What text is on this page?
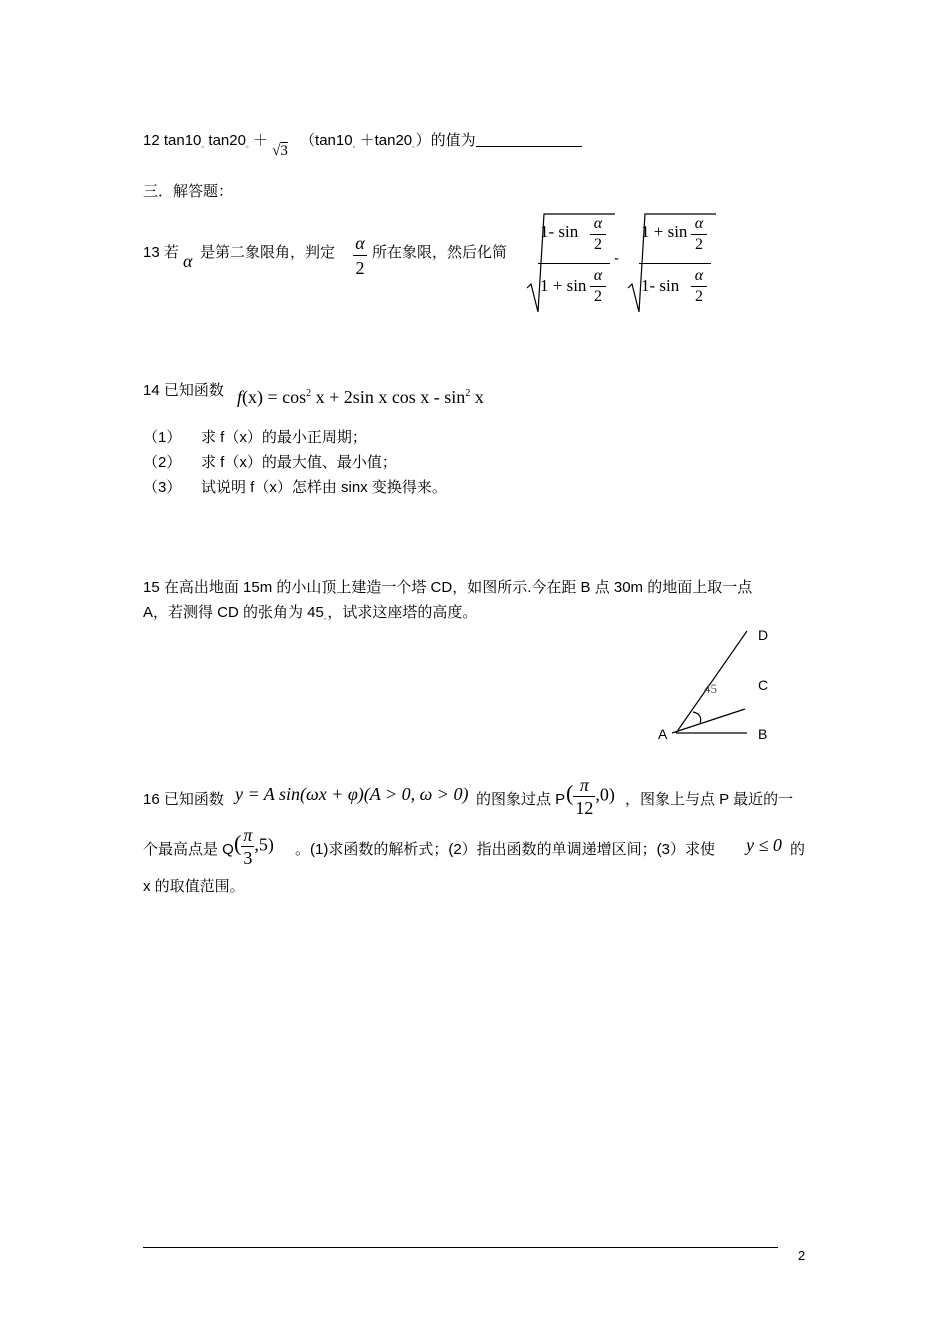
12 tan10。tan20。＋ √3 （tan10。＋tan20。）的值为
三．解答题：
13 若 α 是第二象限角，判定 α
2
所在象限，然后化简
1- sin α
2
1 + sin
α
2
-
1 + sin α
2
1- sin
α
2
14 已知函数 $f(x) = \cos^2 x + 2\sin$ x cos x - $\sin^2 x$
（1） 求 f（x）的最小正周期；
（2） 求 f（x）的最大值、最小值；
（3） 试说明 f（x）怎样由 sinx 变换得来。
15 在高出地面 15m 的小山顶上建造一个塔 CD，如图所示.今在距 B 点 30m 的地面上取一点
A，若测得 CD 的张角为 45。，试求这座塔的高度。
D
C
A	B
45
16 已知函数 y = A sin(ωx + φ)(A > 0, ω > 0) 的图象过点 P ( $\frac{\pi}{12} ,0$) ，图象上与点 P 最近的一
个最高点是 Q ( $\frac{\pi}{3} ,5$) 。(1)求函数的解析式；(2）指出函数的单调递增区间；(3）求使 y ≤ 0 的
x 的取值范围。
2
